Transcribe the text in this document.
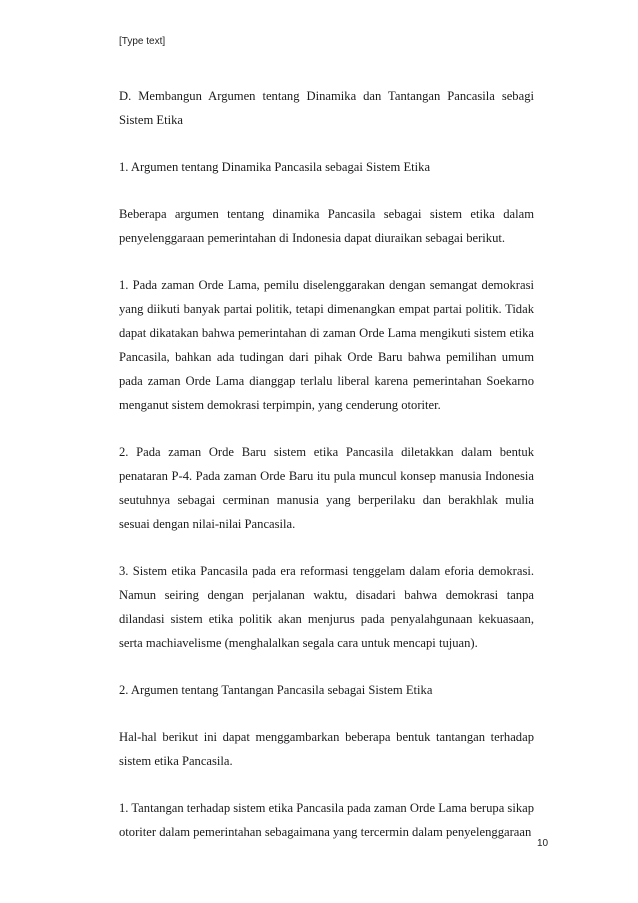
[Type text]

D. Membangun Argumen tentang Dinamika dan Tantangan Pancasila sebagi Sistem Etika

1. Argumen tentang Dinamika Pancasila sebagai Sistem Etika

Beberapa argumen tentang dinamika Pancasila sebagai sistem etika dalam penyelenggaraan pemerintahan di Indonesia dapat diuraikan sebagai berikut.

1. Pada zaman Orde Lama, pemilu diselenggarakan dengan semangat demokrasi yang diikuti banyak partai politik, tetapi dimenangkan empat partai politik. Tidak dapat dikatakan bahwa pemerintahan di zaman Orde Lama mengikuti sistem etika Pancasila, bahkan ada tudingan dari pihak Orde Baru bahwa pemilihan umum pada zaman Orde Lama dianggap terlalu liberal karena pemerintahan Soekarno menganut sistem demokrasi terpimpin, yang cenderung otoriter.

2. Pada zaman Orde Baru sistem etika Pancasila diletakkan dalam bentuk penataran P-4. Pada zaman Orde Baru itu pula muncul konsep manusia Indonesia seutuhnya sebagai cerminan manusia yang berperilaku dan berakhlak mulia sesuai dengan nilai-nilai Pancasila.

3. Sistem etika Pancasila pada era reformasi tenggelam dalam eforia demokrasi. Namun seiring dengan perjalanan waktu, disadari bahwa demokrasi tanpa dilandasi sistem etika politik akan menjurus pada penyalahgunaan kekuasaan, serta machiavelisme (menghalalkan segala cara untuk mencapi tujuan).

2. Argumen tentang Tantangan Pancasila sebagai Sistem Etika

Hal-hal berikut ini dapat menggambarkan beberapa bentuk tantangan terhadap sistem etika Pancasila.

1. Tantangan terhadap sistem etika Pancasila pada zaman Orde Lama berupa sikap otoriter dalam pemerintahan sebagaimana yang tercermin dalam penyelenggaraan

10
